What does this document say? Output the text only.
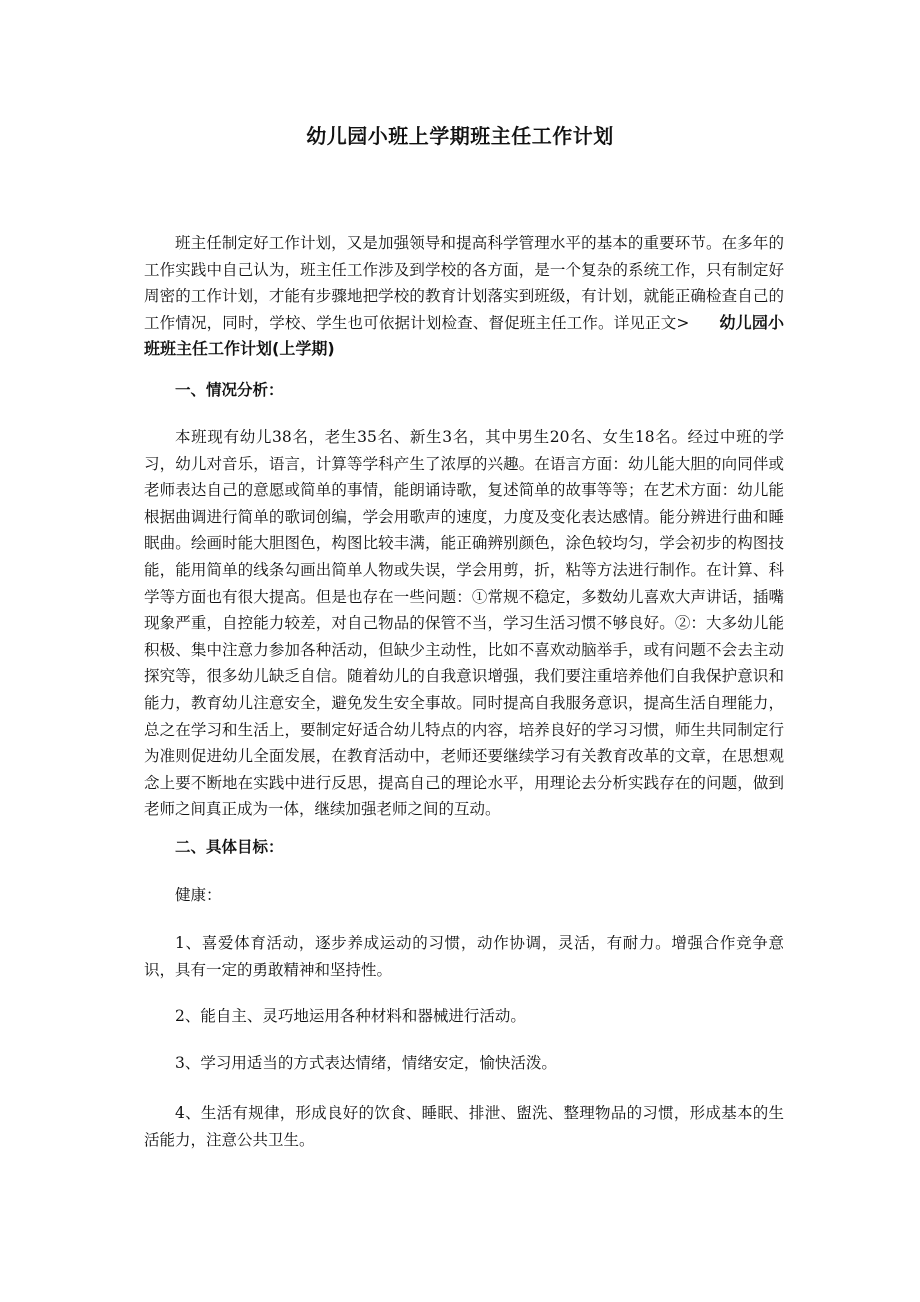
幼儿园小班上学期班主任工作计划

班主任制定好工作计划，又是加强领导和提高科学管理水平的基本的重要环节。在多年的工作实践中自己认为，班主任工作涉及到学校的各方面，是一个复杂的系统工作，只有制定好周密的工作计划，才能有步骤地把学校的教育计划落实到班级，有计划，就能正确检查自己的工作情况，同时，学校、学生也可依据计划检查、督促班主任工作。详见正文> 幼儿园小班班主任工作计划(上学期)

一、情况分析：

本班现有幼儿38名，老生35名、新生3名，其中男生20名、女生18名。经过中班的学习，幼儿对音乐，语言，计算等学科产生了浓厚的兴趣。在语言方面：幼儿能大胆的向同伴或老师表达自己的意愿或简单的事情，能朗诵诗歌，复述简单的故事等等；在艺术方面：幼儿能根据曲调进行简单的歌词创编，学会用歌声的速度，力度及变化表达感情。能分辨进行曲和睡眠曲。绘画时能大胆图色，构图比较丰满，能正确辨别颜色，涂色较均匀，学会初步的构图技能，能用简单的线条勾画出简单人物或失误，学会用剪，折，粘等方法进行制作。在计算、科学等方面也有很大提高。但是也存在一些问题：①常规不稳定，多数幼儿喜欢大声讲话，插嘴现象严重，自控能力较差，对自己物品的保管不当，学习生活习惯不够良好。②：大多幼儿能积极、集中注意力参加各种活动，但缺少主动性，比如不喜欢动脑举手，或有问题不会去主动探究等，很多幼儿缺乏自信。随着幼儿的自我意识增强，我们要注重培养他们自我保护意识和能力，教育幼儿注意安全，避免发生安全事故。同时提高自我服务意识，提高生活自理能力，总之在学习和生活上，要制定好适合幼儿特点的内容，培养良好的学习习惯，师生共同制定行为准则促进幼儿全面发展，在教育活动中，老师还要继续学习有关教育改革的文章，在思想观念上要不断地在实践中进行反思，提高自己的理论水平，用理论去分析实践存在的问题，做到老师之间真正成为一体，继续加强老师之间的互动。

二、具体目标：

健康：

1、喜爱体育活动，逐步养成运动的习惯，动作协调，灵活，有耐力。增强合作竞争意识，具有一定的勇敢精神和坚持性。

2、能自主、灵巧地运用各种材料和器械进行活动。

3、学习用适当的方式表达情绪，情绪安定，愉快活泼。

4、生活有规律，形成良好的饮食、睡眠、排泄、盥洗、整理物品的习惯，形成基本的生活能力，注意公共卫生。
